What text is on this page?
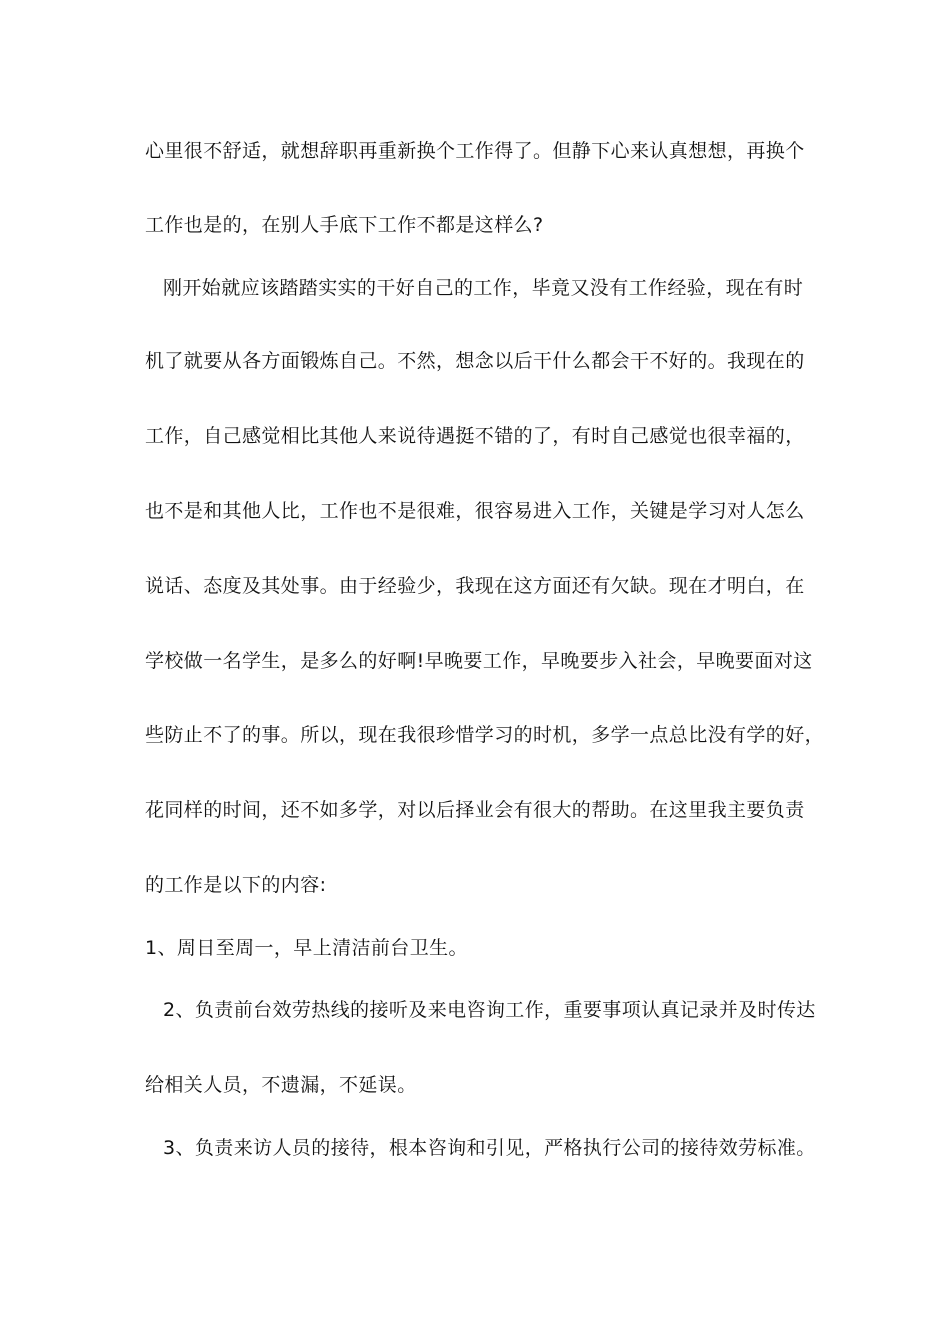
心里很不舒适，就想辞职再重新换个工作得了。但静下心来认真想想，再换个
工作也是的，在别人手底下工作不都是这样么?
刚开始就应该踏踏实实的干好自己的工作，毕竟又没有工作经验，现在有时
机了就要从各方面锻炼自己。不然，想念以后干什么都会干不好的。我现在的
工作，自己感觉相比其他人来说待遇挺不错的了，有时自己感觉也很幸福的，
也不是和其他人比，工作也不是很难，很容易进入工作，关键是学习对人怎么
说话、态度及其处事。由于经验少，我现在这方面还有欠缺。现在才明白，在
学校做一名学生，是多么的好啊!早晚要工作，早晚要步入社会，早晚要面对这
些防止不了的事。所以，现在我很珍惜学习的时机，多学一点总比没有学的好，
花同样的时间，还不如多学，对以后择业会有很大的帮助。在这里我主要负责
的工作是以下的内容:
1、周日至周一，早上清洁前台卫生。
2、负责前台效劳热线的接听及来电咨询工作，重要事项认真记录并及时传达
给相关人员，不遗漏，不延误。
3、负责来访人员的接待，根本咨询和引见，严格执行公司的接待效劳标准。
